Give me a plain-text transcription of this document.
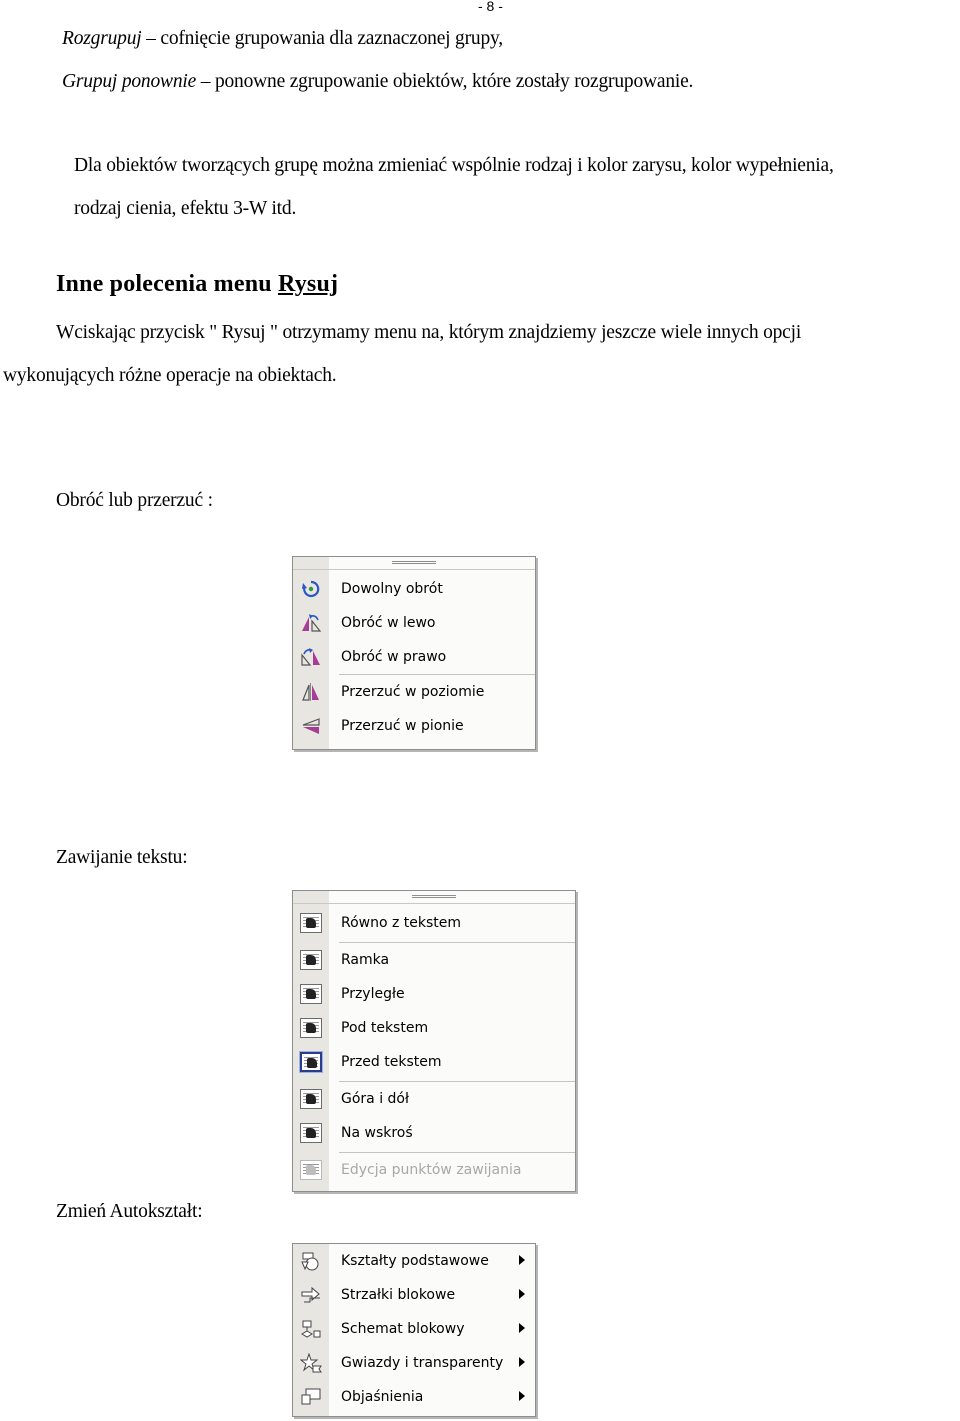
- 8 -
Rozgrupuj – cofnięcie grupowania dla zaznaczonej grupy,
Grupuj ponownie – ponowne zgrupowanie obiektów, które zostały rozgrupowanie.
Dla obiektów tworzących grupę można zmieniać wspólnie rodzaj i kolor zarysu, kolor wypełnienia,
rodzaj cienia, efektu 3-W itd.
Inne polecenia menu Rysuj
Wciskając przycisk " Rysuj " otrzymamy menu na, którym znajdziemy jeszcze wiele innych opcji
wykonujących różne operacje na obiektach.
Obróć lub przerzuć :
Dowolny obrót
Obróć w lewo
Obróć w prawo
Przerzuć w poziomie
Przerzuć w pionie
Zawijanie tekstu:
Równo z tekstem
Ramka
Przyległe
Pod tekstem
Przed tekstem
Góra i dół
Na wskroś
Edycja punktów zawijania
Zmień Autokształt:
Kształty podstawowe
Strzałki blokowe
Schemat blokowy
Gwiazdy i transparenty
Objaśnienia
